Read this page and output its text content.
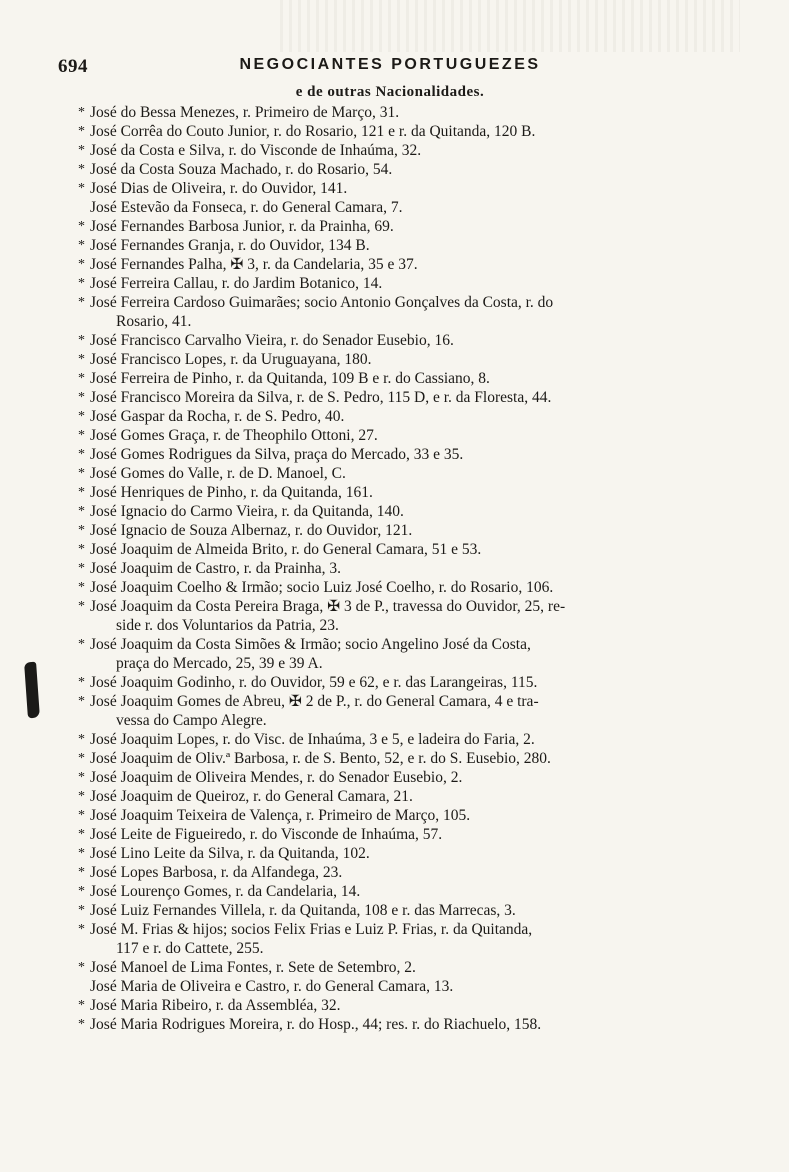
694	NEGOCIANTES PORTUGUEZES
e de outras Nacionalidades.
* José do Bessa Menezes, r. Primeiro de Março, 31.
* José Corrêa do Couto Junior, r. do Rosario, 121 e r. da Quitanda, 120 B.
* José da Costa e Silva, r. do Visconde de Inhaúma, 32.
* José da Costa Souza Machado, r. do Rosario, 54.
* José Dias de Oliveira, r. do Ouvidor, 141.
José Estevão da Fonseca, r. do General Camara, 7.
* José Fernandes Barbosa Junior, r. da Prainha, 69.
* José Fernandes Granja, r. do Ouvidor, 134 B.
* José Fernandes Palha, ✠ 3, r. da Candelaria, 35 e 37.
* José Ferreira Callau, r. do Jardim Botanico, 14.
* José Ferreira Cardoso Guimarães; socio Antonio Gonçalves da Costa, r. do
Rosario, 41.
* José Francisco Carvalho Vieira, r. do Senador Eusebio, 16.
* José Francisco Lopes, r. da Uruguayana, 180.
* José Ferreira de Pinho, r. da Quitanda, 109 B e r. do Cassiano, 8.
* José Francisco Moreira da Silva, r. de S. Pedro, 115 D, e r. da Floresta, 44.
* José Gaspar da Rocha, r. de S. Pedro, 40.
* José Gomes Graça, r. de Theophilo Ottoni, 27.
* José Gomes Rodrigues da Silva, praça do Mercado, 33 e 35.
* José Gomes do Valle, r. de D. Manoel, C.
* José Henriques de Pinho, r. da Quitanda, 161.
* José Ignacio do Carmo Vieira, r. da Quitanda, 140.
* José Ignacio de Souza Albernaz, r. do Ouvidor, 121.
* José Joaquim de Almeida Brito, r. do General Camara, 51 e 53.
* José Joaquim de Castro, r. da Prainha, 3.
* José Joaquim Coelho & Irmão; socio Luiz José Coelho, r. do Rosario, 106.
* José Joaquim da Costa Pereira Braga, ✠ 3 de P., travessa do Ouvidor, 25, re-
side r. dos Voluntarios da Patria, 23.
* José Joaquim da Costa Simões & Irmão; socio Angelino José da Costa,
praça do Mercado, 25, 39 e 39 A.
* José Joaquim Godinho, r. do Ouvidor, 59 e 62, e r. das Larangeiras, 115.
* José Joaquim Gomes de Abreu, ✠ 2 de P., r. do General Camara, 4 e tra-
vessa do Campo Alegre.
* José Joaquim Lopes, r. do Visc. de Inhaúma, 3 e 5, e ladeira do Faria, 2.
* José Joaquim de Oliv.ª Barbosa, r. de S. Bento, 52, e r. do S. Eusebio, 280.
* José Joaquim de Oliveira Mendes, r. do Senador Eusebio, 2.
* José Joaquim de Queiroz, r. do General Camara, 21.
* José Joaquim Teixeira de Valença, r. Primeiro de Março, 105.
* José Leite de Figueiredo, r. do Visconde de Inhaúma, 57.
* José Lino Leite da Silva, r. da Quitanda, 102.
* José Lopes Barbosa, r. da Alfandega, 23.
* José Lourenço Gomes, r. da Candelaria, 14.
* José Luiz Fernandes Villela, r. da Quitanda, 108 e r. das Marrecas, 3.
* José M. Frias & hijos; socios Felix Frias e Luiz P. Frias, r. da Quitanda,
117 e r. do Cattete, 255.
* José Manoel de Lima Fontes, r. Sete de Setembro, 2.
José Maria de Oliveira e Castro, r. do General Camara, 13.
* José Maria Ribeiro, r. da Assembléa, 32.
* José Maria Rodrigues Moreira, r. do Hosp., 44; res. r. do Riachuelo, 158.
